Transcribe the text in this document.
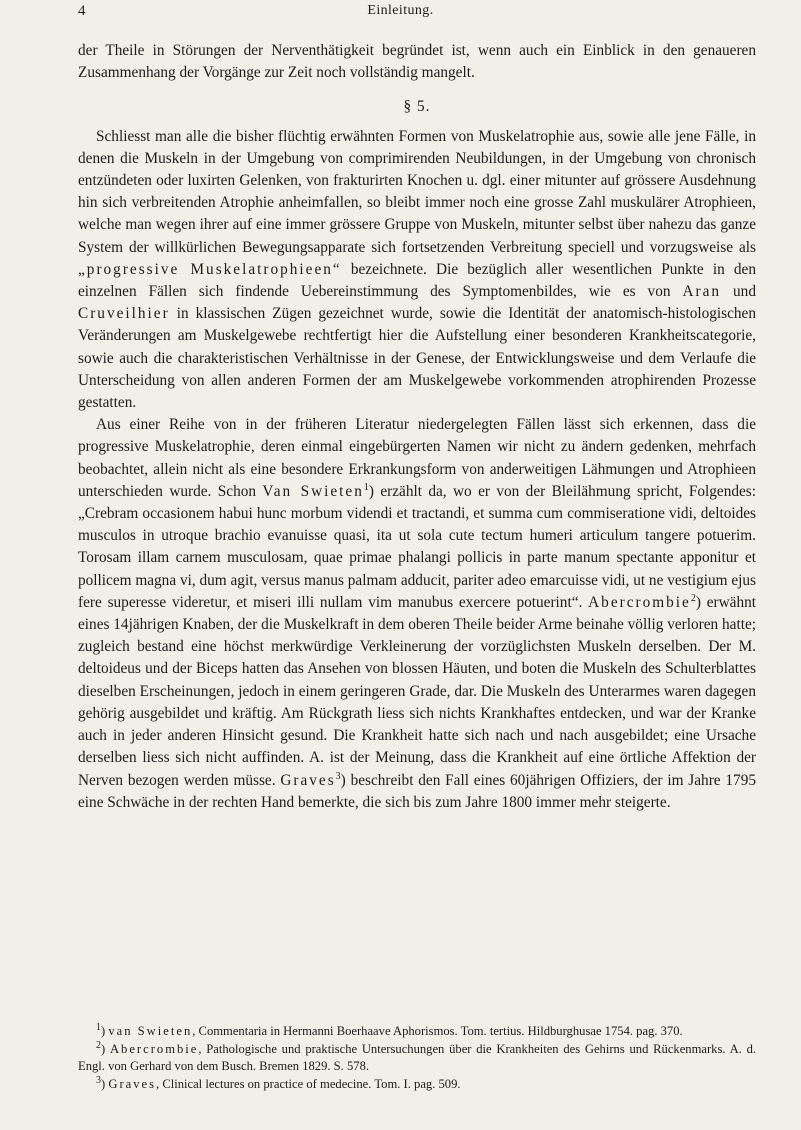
4	Einleitung.

der Theile in Störungen der Nerventhätigkeit begründet ist, wenn auch ein Einblick in den genaueren Zusammenhang der Vorgänge zur Zeit noch vollständig mangelt.

§ 5.

Schliesst man alle die bisher flüchtig erwähnten Formen von Muskelatrophie aus, sowie alle jene Fälle, in denen die Muskeln in der Umgebung von comprimirenden Neubildungen, in der Umgebung von chronisch entzündeten oder luxirten Gelenken, von frakturirten Knochen u. dgl. einer mitunter auf grössere Ausdehnung hin sich verbreitenden Atrophie anheimfallen, so bleibt immer noch eine grosse Zahl muskulärer Atrophieen, welche man wegen ihrer auf eine immer grössere Gruppe von Muskeln, mitunter selbst über nahezu das ganze System der willkürlichen Bewegungsapparate sich fortsetzenden Verbreitung speciell und vorzugsweise als „progressive Muskelatrophieen“ bezeichnete. Die bezüglich aller wesentlichen Punkte in den einzelnen Fällen sich findende Uebereinstimmung des Symptomenbildes, wie es von Aran und Cruveilhier in klassischen Zügen gezeichnet wurde, sowie die Identität der anatomisch-histologischen Veränderungen am Muskelgewebe rechtfertigt hier die Aufstellung einer besonderen Krankheitscategorie, sowie auch die charakteristischen Verhältnisse in der Genese, der Entwicklungsweise und dem Verlaufe die Unterscheidung von allen anderen Formen der am Muskelgewebe vorkommenden atrophirenden Prozesse gestatten.

Aus einer Reihe von in der früheren Literatur niedergelegten Fällen lässt sich erkennen, dass die progressive Muskelatrophie, deren einmal eingebürgerten Namen wir nicht zu ändern gedenken, mehrfach beobachtet, allein nicht als eine besondere Erkrankungsform von anderweitigen Lähmungen und Atrophieen unterschieden wurde. Schon Van Swieten$^1$) erzählt da, wo er von der Bleilähmung spricht, Folgendes: „Crebram occasionem habui hunc morbum videndi et tractandi, et summa cum commiseratione vidi, deltoides musculos in utroque brachio evanuisse quasi, ita ut sola cute tectum humeri articulum tangere potuerim. Torosam illam carnem musculosam, quae primae phalangi pollicis in parte manum spectante apponitur et pollicem magna vi, dum agit, versus manus palmam adducit, pariter adeo emarcuisse vidi, ut ne vestigium ejus fere superesse videretur, et miseri illi nullam vim manubus exercere potuerint“. Abercrombie$^2$) erwähnt eines 14jährigen Knaben, der die Muskelkraft in dem oberen Theile beider Arme beinahe völlig verloren hatte; zugleich bestand eine höchst merkwürdige Verkleinerung der vorzüglichsten Muskeln derselben. Der M. deltoideus und der Biceps hatten das Ansehen von blossen Häuten, und boten die Muskeln des Schulterblattes dieselben Erscheinungen, jedoch in einem geringeren Grade, dar. Die Muskeln des Unterarmes waren dagegen gehörig ausgebildet und kräftig. Am Rückgrath liess sich nichts Krankhaftes entdecken, und war der Kranke auch in jeder anderen Hinsicht gesund. Die Krankheit hatte sich nach und nach ausgebildet; eine Ursache derselben liess sich nicht auffinden. A. ist der Meinung, dass die Krankheit auf eine örtliche Affektion der Nerven bezogen werden müsse. Graves$^3$) beschreibt den Fall eines 60jährigen Offiziers, der im Jahre 1795 eine Schwäche in der rechten Hand bemerkte, die sich bis zum Jahre 1800 immer mehr steigerte.

$^1$) van Swieten, Commentaria in Hermanni Boerhaave Aphorismos. Tom. tertius. Hildburghusae 1754. pag. 370.

$^2$) Abercrombie, Pathologische und praktische Untersuchungen über die Krankheiten des Gehirns und Rückenmarks. A. d. Engl. von Gerhard von dem Busch. Bremen 1829. S. 578.

$^3$) Graves, Clinical lectures on practice of medecine. Tom. I. pag. 509.
